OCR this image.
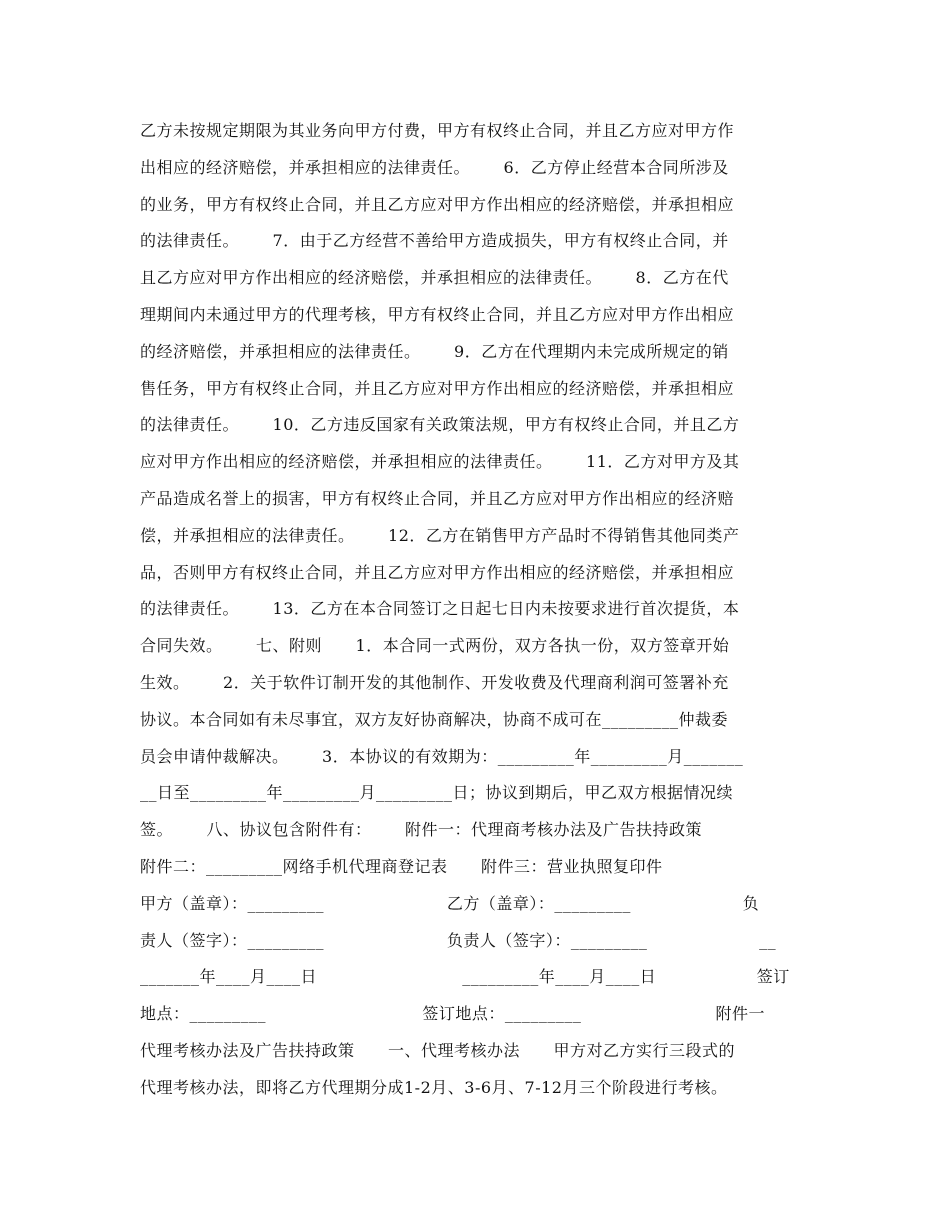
乙方未按规定期限为其业务向甲方付费，甲方有权终止合同，并且乙方应对甲方作
出相应的经济赔偿，并承担相应的法律责任。      6．乙方停止经营本合同所涉及
的业务，甲方有权终止合同，并且乙方应对甲方作出相应的经济赔偿，并承担相应
的法律责任。      7．由于乙方经营不善给甲方造成损失，甲方有权终止合同，并
且乙方应对甲方作出相应的经济赔偿，并承担相应的法律责任。      8．乙方在代
理期间内未通过甲方的代理考核，甲方有权终止合同，并且乙方应对甲方作出相应
的经济赔偿，并承担相应的法律责任。      9．乙方在代理期内未完成所规定的销
售任务，甲方有权终止合同，并且乙方应对甲方作出相应的经济赔偿，并承担相应
的法律责任。      10．乙方违反国家有关政策法规，甲方有权终止合同，并且乙方
应对甲方作出相应的经济赔偿，并承担相应的法律责任。      11．乙方对甲方及其
产品造成名誉上的损害，甲方有权终止合同，并且乙方应对甲方作出相应的经济赔
偿，并承担相应的法律责任。      12．乙方在销售甲方产品时不得销售其他同类产
品，否则甲方有权终止合同，并且乙方应对甲方作出相应的经济赔偿，并承担相应
的法律责任。      13．乙方在本合同签订之日起七日内未按要求进行首次提货，本
合同失效。      七、附则      1．本合同一式两份，双方各执一份，双方签章开始
生效。      2．关于软件订制开发的其他制作、开发收费及代理商利润可签署补充
协议。本合同如有未尽事宜，双方友好协商解决，协商不成可在_________仲裁委
员会申请仲裁解决。      3．本协议的有效期为：_________年_________月_______
__日至_________年_________月_________日；协议到期后，甲乙双方根据情况续
签。      八、协议包含附件有：      附件一：代理商考核办法及广告扶持政策
附件二：_________网络手机代理商登记表      附件三：营业执照复印件
甲方（盖章）：_________                      乙方（盖章）：_________                    负
责人（签字）：_________                      负责人（签字）：_________                    __
_______年____月____日                          _________年____月____日                  签订
地点：_________                            签订地点：_________                        附件一
代理考核办法及广告扶持政策      一、代理考核办法      甲方对乙方实行三段式的
代理考核办法，即将乙方代理期分成1-2月、3-6月、7-12月三个阶段进行考核。
